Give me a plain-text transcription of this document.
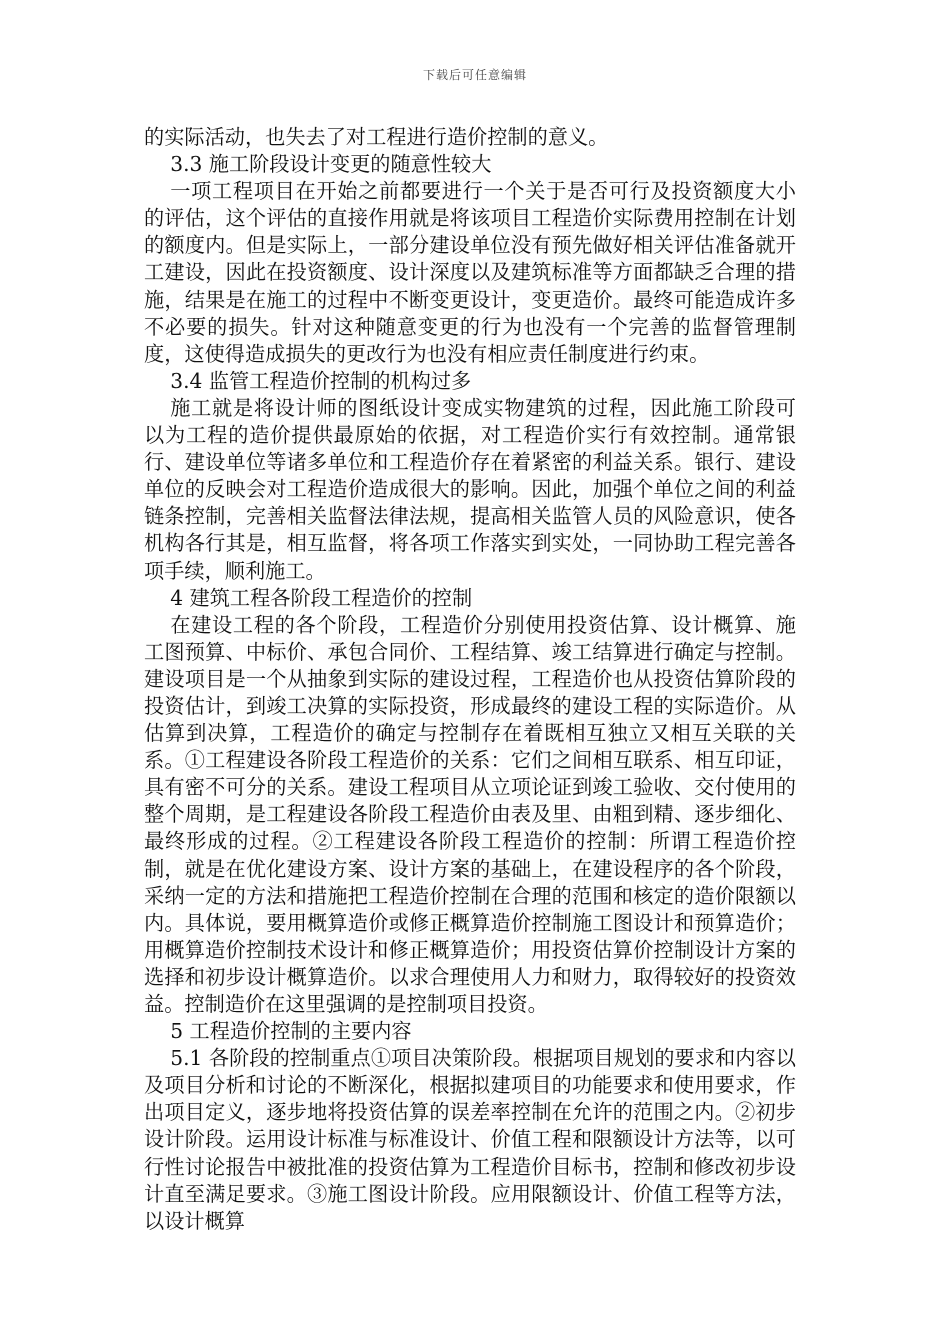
下载后可任意编辑

的实际活动，也失去了对工程进行造价控制的意义。

3.3 施工阶段设计变更的随意性较大

一项工程项目在开始之前都要进行一个关于是否可行及投资额度大小的评估，这个评估的直接作用就是将该项目工程造价实际费用控制在计划的额度内。但是实际上，一部分建设单位没有预先做好相关评估准备就开工建设，因此在投资额度、设计深度以及建筑标准等方面都缺乏合理的措施，结果是在施工的过程中不断变更设计，变更造价。最终可能造成许多不必要的损失。针对这种随意变更的行为也没有一个完善的监督管理制度，这使得造成损失的更改行为也没有相应责任制度进行约束。

3.4 监管工程造价控制的机构过多

施工就是将设计师的图纸设计变成实物建筑的过程，因此施工阶段可以为工程的造价提供最原始的依据，对工程造价实行有效控制。通常银行、建设单位等诸多单位和工程造价存在着紧密的利益关系。银行、建设单位的反映会对工程造价造成很大的影响。因此，加强个单位之间的利益链条控制，完善相关监督法律法规，提高相关监管人员的风险意识，使各机构各行其是，相互监督，将各项工作落实到实处，一同协助工程完善各项手续，顺利施工。

4 建筑工程各阶段工程造价的控制

在建设工程的各个阶段，工程造价分别使用投资估算、设计概算、施工图预算、中标价、承包合同价、工程结算、竣工结算进行确定与控制。建设项目是一个从抽象到实际的建设过程，工程造价也从投资估算阶段的投资估计，到竣工决算的实际投资，形成最终的建设工程的实际造价。从估算到决算，工程造价的确定与控制存在着既相互独立又相互关联的关系。①工程建设各阶段工程造价的关系：它们之间相互联系、相互印证，具有密不可分的关系。建设工程项目从立项论证到竣工验收、交付使用的整个周期，是工程建设各阶段工程造价由表及里、由粗到精、逐步细化、最终形成的过程。②工程建设各阶段工程造价的控制：所谓工程造价控制，就是在优化建设方案、设计方案的基础上，在建设程序的各个阶段，采纳一定的方法和措施把工程造价控制在合理的范围和核定的造价限额以内。具体说，要用概算造价或修正概算造价控制施工图设计和预算造价；用概算造价控制技术设计和修正概算造价；用投资估算价控制设计方案的选择和初步设计概算造价。以求合理使用人力和财力，取得较好的投资效益。控制造价在这里强调的是控制项目投资。

5 工程造价控制的主要内容

5.1 各阶段的控制重点①项目决策阶段。根据项目规划的要求和内容以及项目分析和讨论的不断深化，根据拟建项目的功能要求和使用要求，作出项目定义，逐步地将投资估算的误差率控制在允许的范围之内。②初步设计阶段。运用设计标准与标准设计、价值工程和限额设计方法等，以可行性讨论报告中被批准的投资估算为工程造价目标书，控制和修改初步设计直至满足要求。③施工图设计阶段。应用限额设计、价值工程等方法，以设计概算
